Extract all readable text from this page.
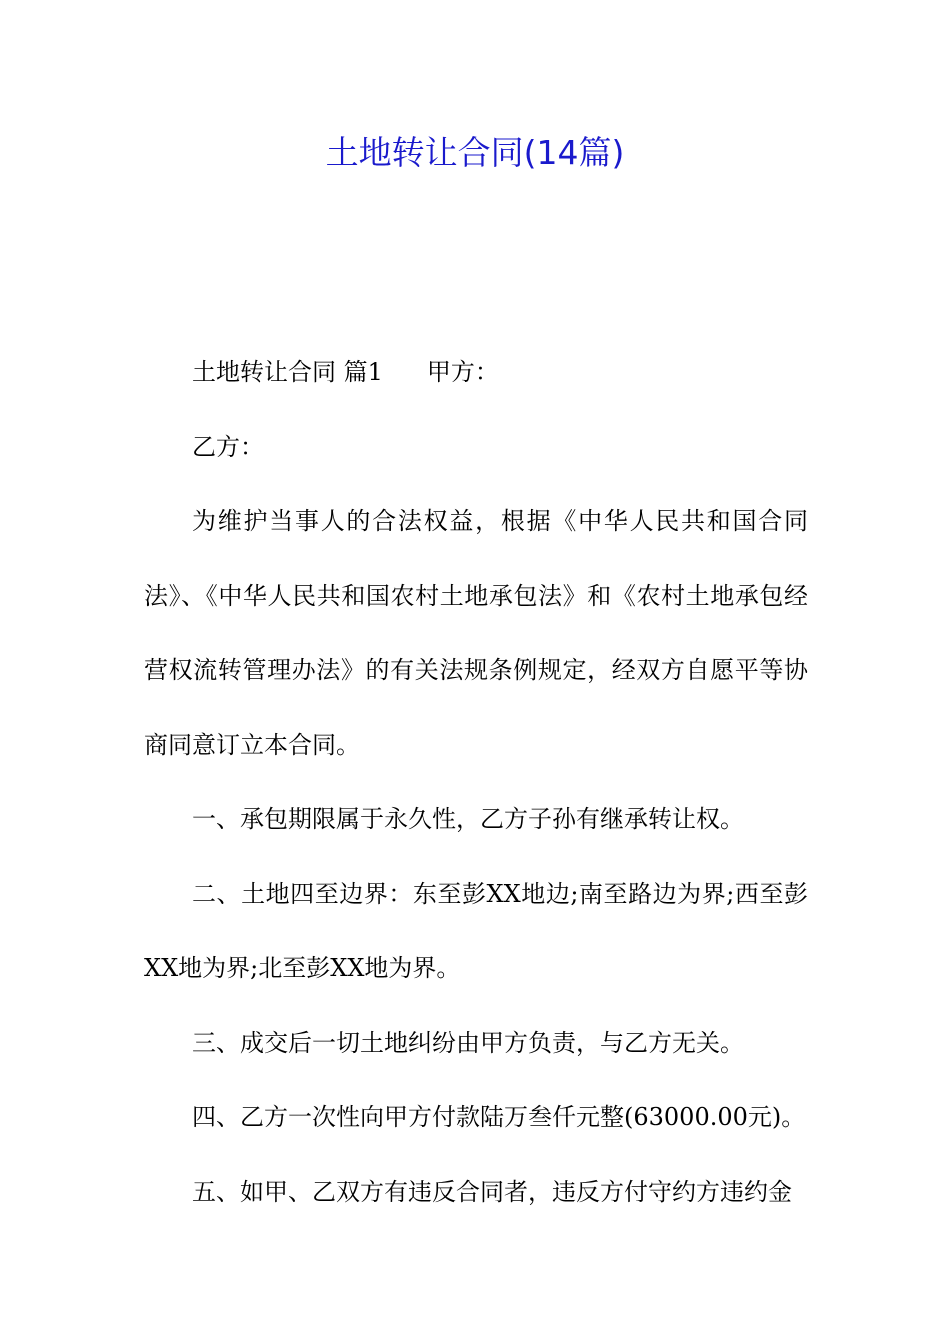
土地转让合同(14篇)

土地转让合同 篇1 甲方：

乙方：

为维护当事人的合法权益，根据《中华人民共和国合同法》、《中华人民共和国农村土地承包法》和《农村土地承包经营权流转管理办法》的有关法规条例规定，经双方自愿平等协商同意订立本合同。

一、承包期限属于永久性，乙方子孙有继承转让权。

二、土地四至边界：东至彭XX地边;南至路边为界;西至彭XX地为界;北至彭XX地为界。

三、成交后一切土地纠纷由甲方负责，与乙方无关。

四、乙方一次性向甲方付款陆万叁仟元整(63000.00元)。

五、如甲、乙双方有违反合同者，违反方付守约方违约金
